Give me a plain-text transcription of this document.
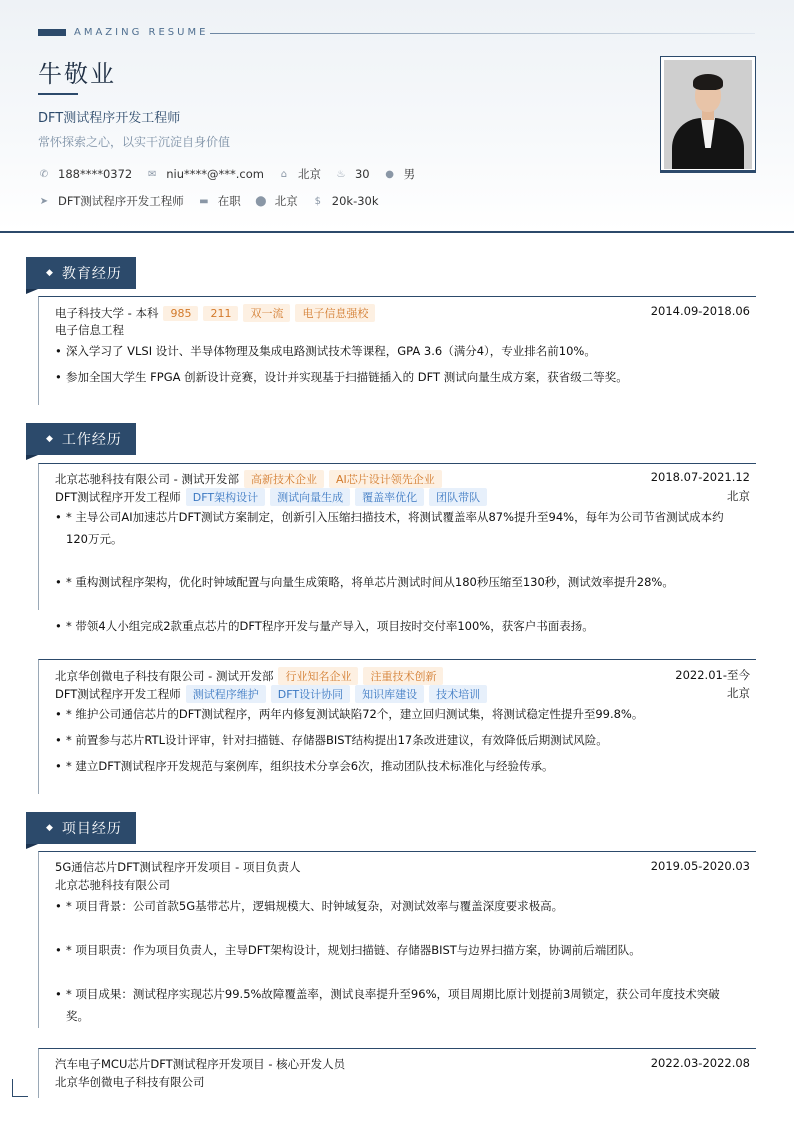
AMAZING RESUME
牛敬业
DFT测试程序开发工程师
常怀探索之心，以实干沉淀自身价值
✆ 188****0372 ✉ niu****@***.com ⌂ 北京 ♨ 30 ● 男
➤ DFT测试程序开发工程师 ▬ 在职 ⬤ 北京 $ 20k-30k
◆ 教育经历
电子科技大学 - 本科	985	211	双一流	电子信息强校	2014.09-2018.06
电子信息工程
• 深入学习了 VLSI 设计、半导体物理及集成电路测试技术等课程，GPA 3.6（满分4），专业排名前10%。
• 参加全国大学生 FPGA 创新设计竞赛，设计并实现基于扫描链插入的 DFT 测试向量生成方案，获省级二等奖。
◆ 工作经历
北京芯驰科技有限公司 - 测试开发部	高新技术企业	AI芯片设计领先企业	2018.07-2021.12
DFT测试程序开发工程师	DFT架构设计	测试向量生成	覆盖率优化	团队带队	北京
• * 主导公司AI加速芯片DFT测试方案制定，创新引入压缩扫描技术，将测试覆盖率从87%提升至94%，每年为公司节省测试成本约
120万元。
• * 重构测试程序架构，优化时钟域配置与向量生成策略，将单芯片测试时间从180秒压缩至130秒，测试效率提升28%。
• * 带领4人小组完成2款重点芯片的DFT程序开发与量产导入，项目按时交付率100%，获客户书面表扬。
北京华创微电子科技有限公司 - 测试开发部	行业知名企业	注重技术创新	2022.01-至今
DFT测试程序开发工程师	测试程序维护	DFT设计协同	知识库建设	技术培训	北京
• * 维护公司通信芯片的DFT测试程序，两年内修复测试缺陷72个，建立回归测试集，将测试稳定性提升至99.8%。
• * 前置参与芯片RTL设计评审，针对扫描链、存储器BIST结构提出17条改进建议，有效降低后期测试风险。
• * 建立DFT测试程序开发规范与案例库，组织技术分享会6次，推动团队技术标准化与经验传承。
◆ 项目经历
5G通信芯片DFT测试程序开发项目 - 项目负责人	2019.05-2020.03
北京芯驰科技有限公司
• * 项目背景：公司首款5G基带芯片，逻辑规模大、时钟域复杂，对测试效率与覆盖深度要求极高。
• * 项目职责：作为项目负责人，主导DFT架构设计，规划扫描链、存储器BIST与边界扫描方案，协调前后端团队。
• * 项目成果：测试程序实现芯片99.5%故障覆盖率，测试良率提升至96%，项目周期比原计划提前3周锁定，获公司年度技术突破
奖。
汽车电子MCU芯片DFT测试程序开发项目 - 核心开发人员	2022.03-2022.08
北京华创微电子科技有限公司
